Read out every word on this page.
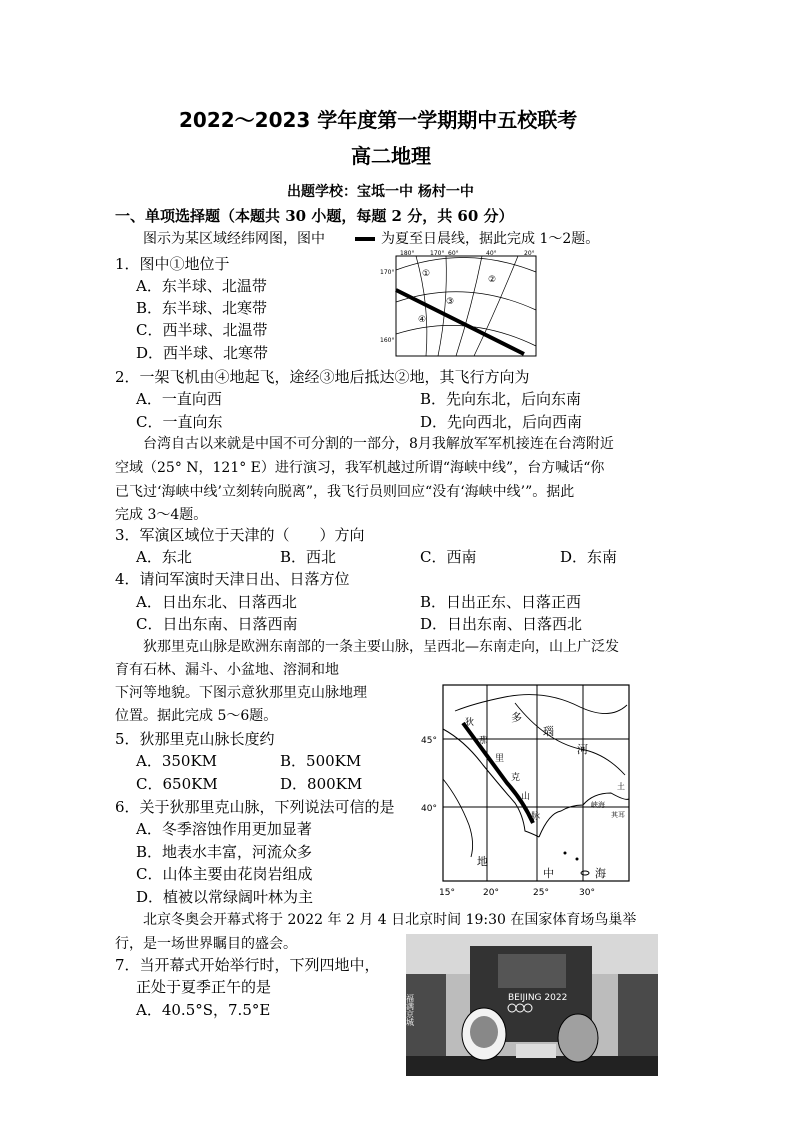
2022～2023 学年度第一学期期中五校联考
高二地理
出题学校：宝坻一中 杨村一中
一、单项选择题（本题共 30 小题，每题 2 分，共 60 分）
图示为某区域经纬网图，图中	为夏至日晨线，据此完成 1～2题。
1．图中①地位于
A．东半球、北温带
B．东半球、北寒带
C．西半球、北温带
D．西半球、北寒带
180°	170° 60°	40°	20°
170°
160°
①
②
③
④
2．一架飞机由④地起飞，途经③地后抵达②地，其飞行方向为
A．一直向西	B．先向东北，后向东南
C．一直向东	D．先向西北，后向西南
台湾自古以来就是中国不可分割的一部分，8月我解放军军机接连在台湾附近
空域（25° N，121° E）进行演习，我军机越过所谓“海峡中线”，台方喊话“你
已飞过‘海峡中线’立刻转向脱离”，我飞行员则回应“没有‘海峡中线’”。据此
完成 3～4题。
3．军演区域位于天津的（　　）方向
A．东北	B．西北	C．西南	D．东南
4．请问军演时天津日出、日落方位
A．日出东北、日落西北	B．日出正东、日落正西
C．日出东南、日落西南	D．日出东南、日落西北
狄那里克山脉是欧洲东南部的一条主要山脉，呈西北—东南走向，山上广泛发
育有石林、漏斗、小盆地、溶洞和地
下河等地貌。下图示意狄那里克山脉地理
位置。据此完成 5～6题。
5．狄那里克山脉长度约
A．350KM	B．500KM
C．650KM	D．800KM
6．关于狄那里克山脉，下列说法可信的是
A．冬季溶蚀作用更加显著
B．地表水丰富，河流众多
C．山体主要由花岗岩组成
D．植被以常绿阔叶林为主
45°
40°
15°	20°	25°	30°
狄
那
里
克
山
脉
多
瑙
河
地
中	海
土
峡海
其耳
北京冬奥会开幕式将于 2022 年 2 月 4 日北京时间 19:30 在国家体育场鸟巢举
行，是一场世界瞩目的盛会。
7．当开幕式开始举行时，下列四地中，
正处于夏季正午的是
A．40.5°S，7.5°E
BEIJING 2022
福满京城
